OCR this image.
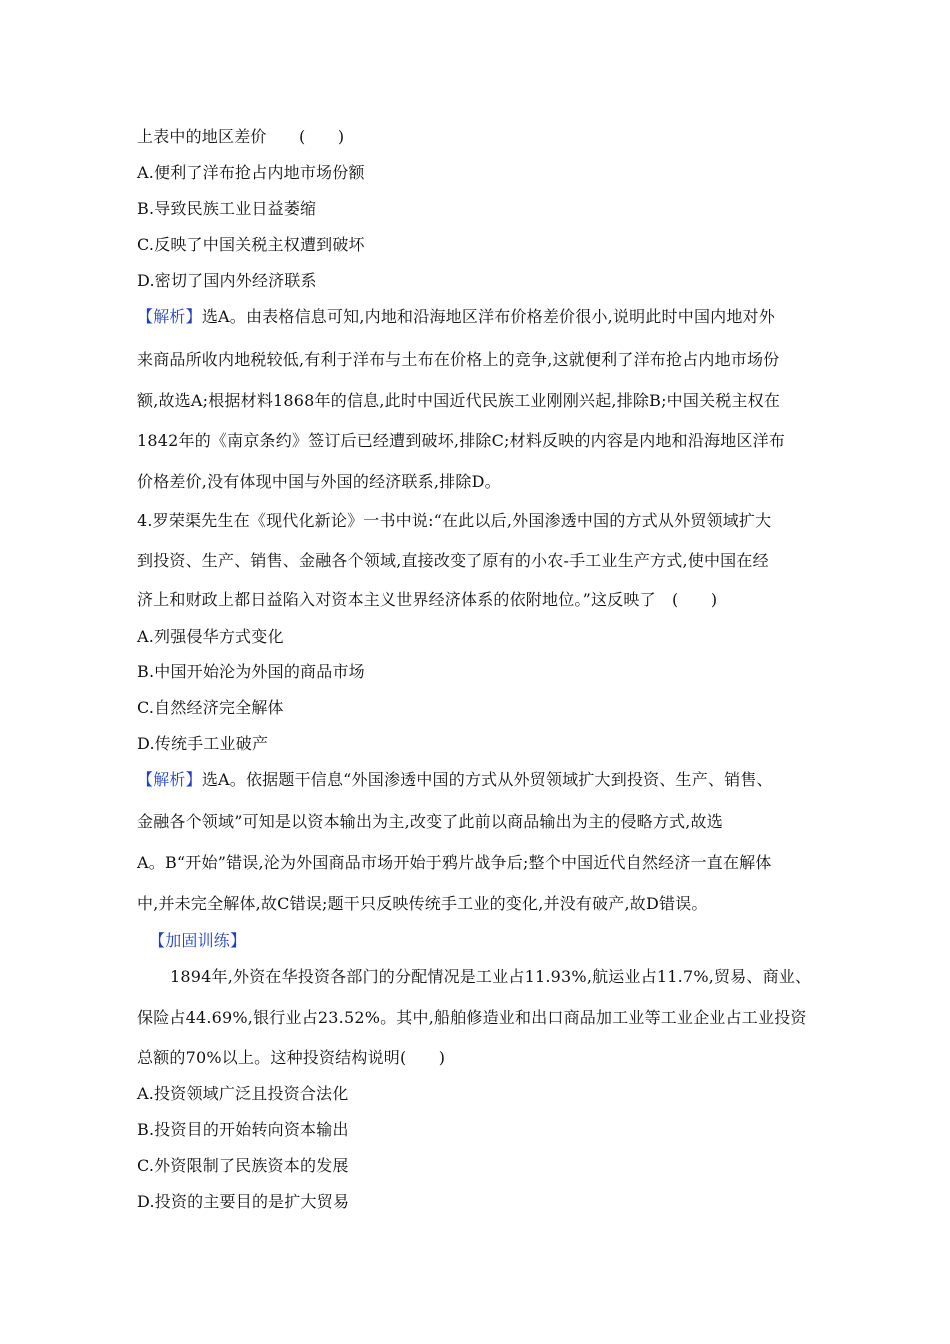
上表中的地区差价　　(　　)
A.便利了洋布抢占内地市场份额
B.导致民族工业日益萎缩
C.反映了中国关税主权遭到破坏
D.密切了国内外经济联系
【解析】选A。由表格信息可知,内地和沿海地区洋布价格差价很小,说明此时中国内地对外
来商品所收内地税较低,有利于洋布与土布在价格上的竞争,这就便利了洋布抢占内地市场份
额,故选A;根据材料1868年的信息,此时中国近代民族工业刚刚兴起,排除B;中国关税主权在
1842年的《南京条约》签订后已经遭到破坏,排除C;材料反映的内容是内地和沿海地区洋布
价格差价,没有体现中国与外国的经济联系,排除D。
4.罗荣渠先生在《现代化新论》一书中说:“在此以后,外国渗透中国的方式从外贸领域扩大
到投资、生产、销售、金融各个领域,直接改变了原有的小农-手工业生产方式,使中国在经
济上和财政上都日益陷入对资本主义世界经济体系的依附地位。”这反映了　(　　)
A.列强侵华方式变化
B.中国开始沦为外国的商品市场
C.自然经济完全解体
D.传统手工业破产
【解析】选A。依据题干信息“外国渗透中国的方式从外贸领域扩大到投资、生产、销售、
金融各个领域”可知是以资本输出为主,改变了此前以商品输出为主的侵略方式,故选
A。B“开始”错误,沦为外国商品市场开始于鸦片战争后;整个中国近代自然经济一直在解体
中,并未完全解体,故C错误;题干只反映传统手工业的变化,并没有破产,故D错误。
【加固训练】
1894年,外资在华投资各部门的分配情况是工业占11.93%,航运业占11.7%,贸易、商业、
保险占44.69%,银行业占23.52%。其中,船舶修造业和出口商品加工业等工业企业占工业投资
总额的70%以上。这种投资结构说明(　　)
A.投资领域广泛且投资合法化
B.投资目的开始转向资本输出
C.外资限制了民族资本的发展
D.投资的主要目的是扩大贸易
